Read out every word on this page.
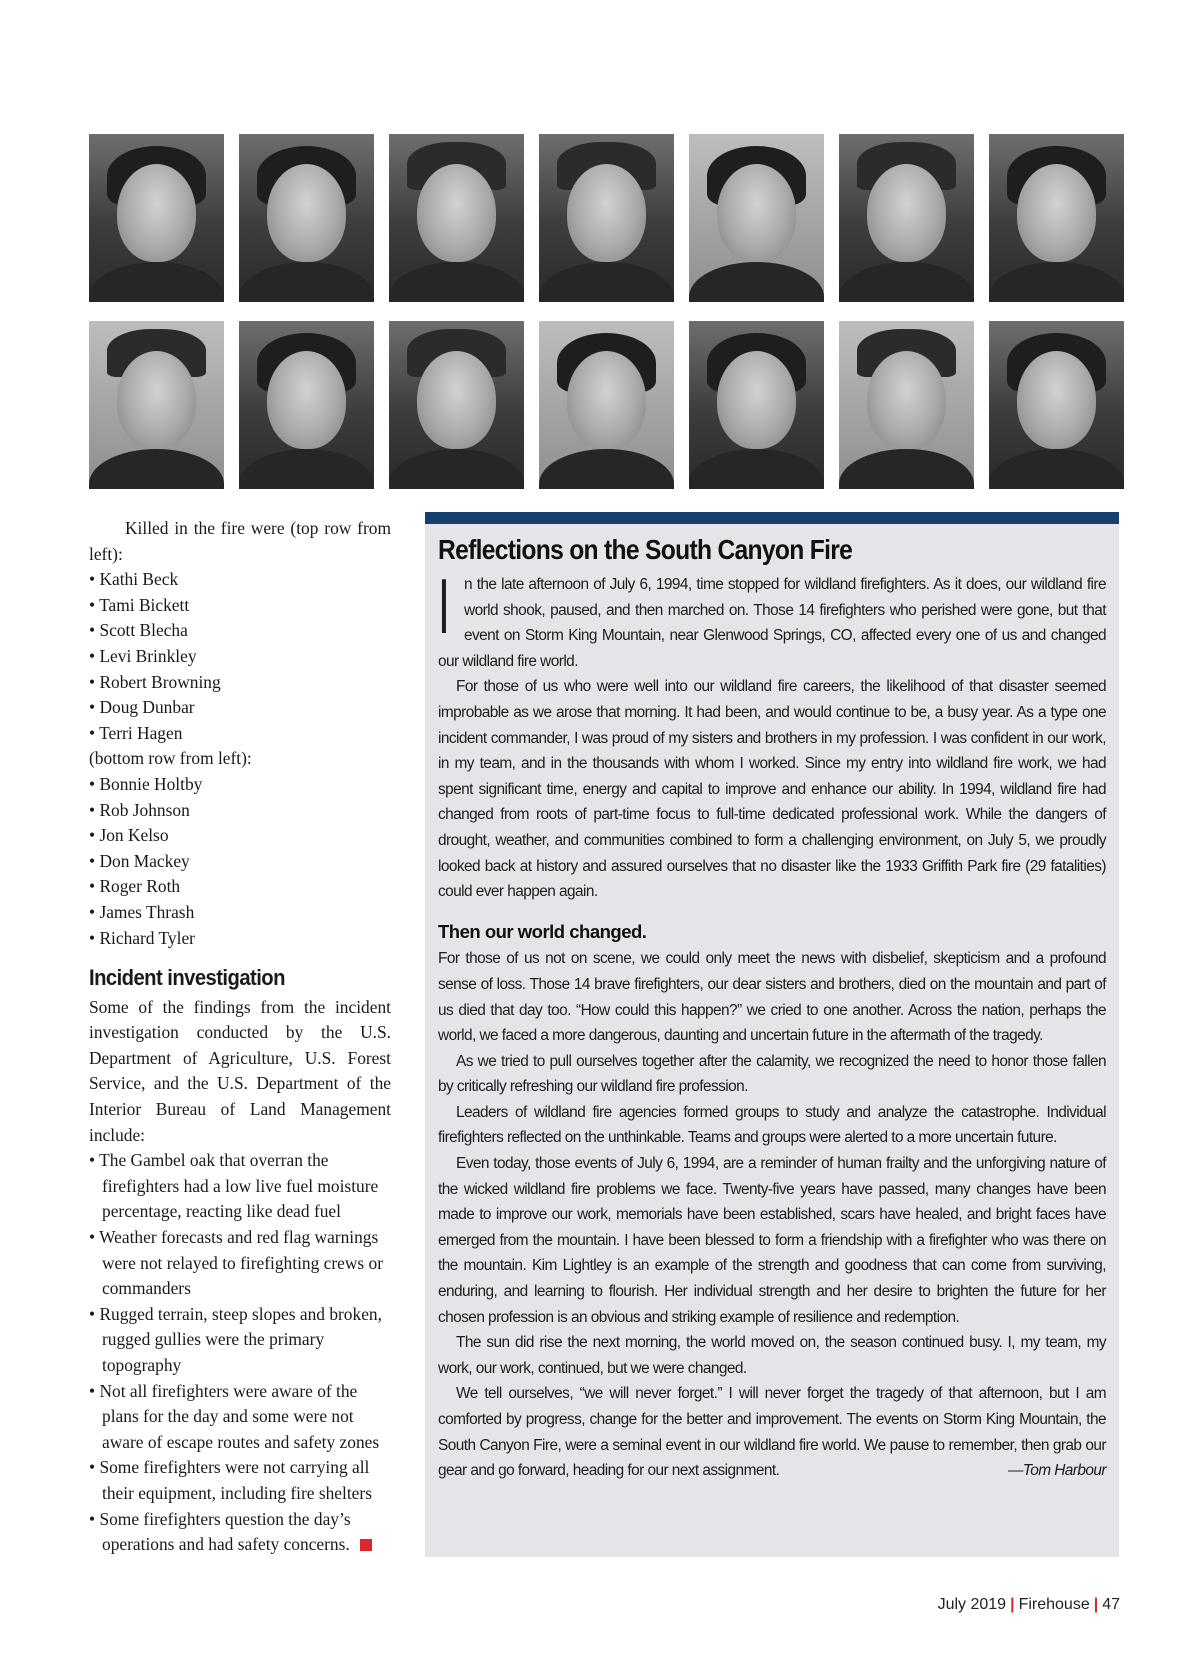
Killed in the fire were (top row from left):

• Kathi Beck
• Tami Bickett
• Scott Blecha
• Levi Brinkley
• Robert Browning
• Doug Dunbar
• Terri Hagen

(bottom row from left):

• Bonnie Holtby
• Rob Johnson
• Jon Kelso
• Don Mackey
• Roger Roth
• James Thrash
• Richard Tyler
Incident investigation

Some of the findings from the incident investigation conducted by the U.S. Department of Agriculture, U.S. Forest Service, and the U.S. Department of the Interior Bureau of Land Management include:

• The Gambel oak that overran the firefighters had a low live fuel moisture percentage, reacting like dead fuel
• Weather forecasts and red flag warnings were not relayed to firefighting crews or commanders
• Rugged terrain, steep slopes and broken, rugged gullies were the primary topography
• Not all firefighters were aware of the plans for the day and some were not aware of escape routes and safety zones
• Some firefighters were not carrying all their equipment, including fire shelters
• Some firefighters question the day’s operations and had safety concerns.
Reflections on the South Canyon Fire

In the late afternoon of July 6, 1994, time stopped for wildland firefighters. As it does, our wildland fire world shook, paused, and then marched on. Those 14 firefighters who perished were gone, but that event on Storm King Mountain, near Glenwood Springs, CO, affected every one of us and changed our wildland fire world.

For those of us who were well into our wildland fire careers, the likelihood of that disaster seemed improbable as we arose that morning. It had been, and would continue to be, a busy year. As a type one incident commander, I was proud of my sisters and brothers in my profession. I was confident in our work, in my team, and in the thousands with whom I worked. Since my entry into wildland fire work, we had spent significant time, energy and capital to improve and enhance our ability. In 1994, wildland fire had changed from roots of part-time focus to full-time dedicated professional work. While the dangers of drought, weather, and communities combined to form a challenging environment, on July 5, we proudly looked back at history and assured ourselves that no disaster like the 1933 Griffith Park fire (29 fatalities) could ever happen again.

Then our world changed.

For those of us not on scene, we could only meet the news with disbelief, skepticism and a profound sense of loss. Those 14 brave firefighters, our dear sisters and brothers, died on the mountain and part of us died that day too. “How could this happen?” we cried to one another. Across the nation, perhaps the world, we faced a more dangerous, daunting and uncertain future in the aftermath of the tragedy.

As we tried to pull ourselves together after the calamity, we recognized the need to honor those fallen by critically refreshing our wildland fire profession.

Leaders of wildland fire agencies formed groups to study and analyze the catastrophe. Individual firefighters reflected on the unthinkable. Teams and groups were alerted to a more uncertain future.

Even today, those events of July 6, 1994, are a reminder of human frailty and the unforgiving nature of the wicked wildland fire problems we face. Twenty-five years have passed, many changes have been made to improve our work, memorials have been established, scars have healed, and bright faces have emerged from the mountain. I have been blessed to form a friendship with a firefighter who was there on the mountain. Kim Lightley is an example of the strength and goodness that can come from surviving, enduring, and learning to flourish. Her individual strength and her desire to brighten the future for her chosen profession is an obvious and striking example of resilience and redemption.

The sun did rise the next morning, the world moved on, the season continued busy. I, my team, my work, our work, continued, but we were changed.

We tell ourselves, “we will never forget.” I will never forget the tragedy of that afternoon, but I am comforted by progress, change for the better and improvement. The events on Storm King Mountain, the South Canyon Fire, were a seminal event in our wildland fire world. We pause to remember, then grab our gear and go forward, heading for our next assignment.	—Tom Harbour

July 2019 | Firehouse | 47
